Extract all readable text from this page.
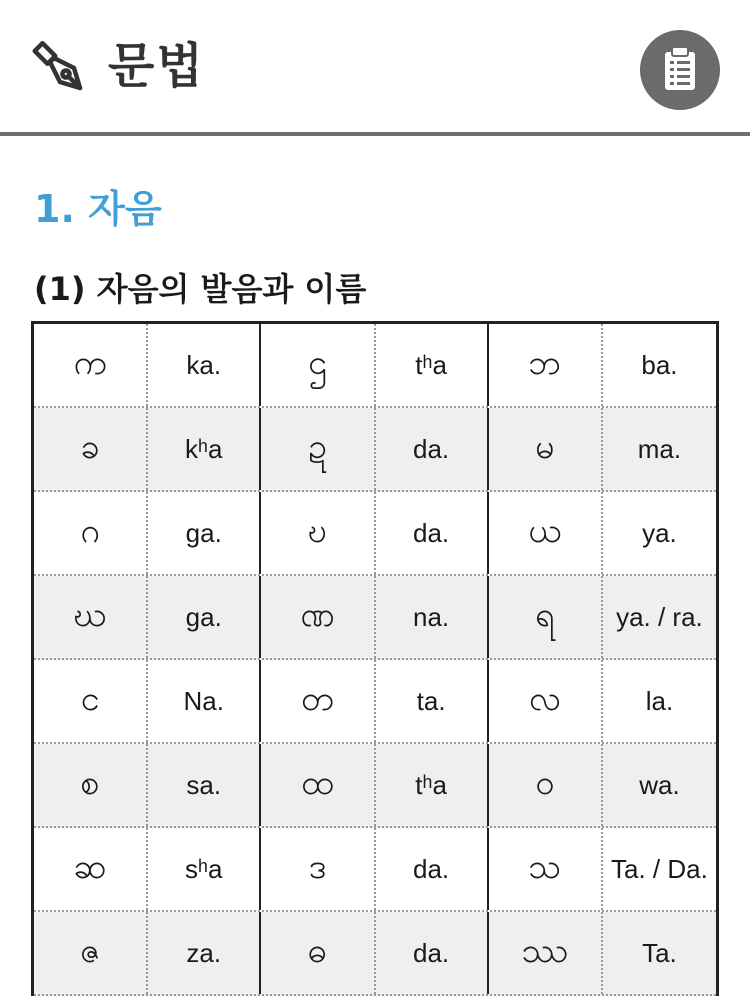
문법
1. 자음
(1) 자음의 발음과 이름
က	ka.	ဌ	tʰa	ဘ	ba.
ခ	kʰa	ဍ	da.	မ	ma.
ဂ	ga.	ဎ	da.	ယ	ya.
ဃ	ga.	ဏ	na.	ရ	ya. / ra.
င	Na.	တ	ta.	လ	la.
စ	sa.	ထ	tʰa	ဝ	wa.
ဆ	sʰa	ဒ	da.	သ	Ta. / Da.
ဇ	za.	ဓ	da.	ဿ	Ta.
